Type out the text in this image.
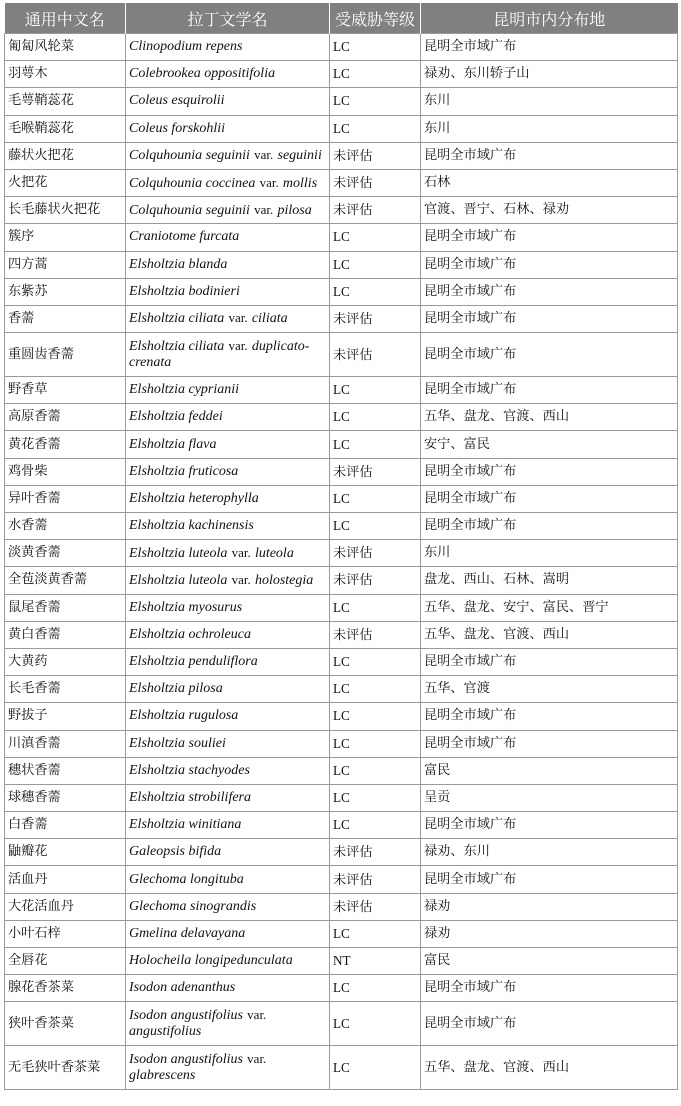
通用中文名	拉丁文学名	受威胁等级	昆明市内分布地
匍匐风轮菜	Clinopodium repens	LC	昆明全市域广布
羽萼木	Colebrookea oppositifolia	LC	禄劝、东川轿子山
毛萼鞘蕊花	Coleus esquirolii	LC	东川
毛喉鞘蕊花	Coleus forskohlii	LC	东川
藤状火把花	Colquhounia seguinii var. seguinii	未评估	昆明全市域广布
火把花	Colquhounia coccinea var. mollis	未评估	石林
长毛藤状火把花	Colquhounia seguinii var. pilosa	未评估	官渡、晋宁、石林、禄劝
簇序	Craniotome furcata	LC	昆明全市域广布
四方蒿	Elsholtzia blanda	LC	昆明全市域广布
东紫苏	Elsholtzia bodinieri	LC	昆明全市域广布
香薷	Elsholtzia ciliata var. ciliata	未评估	昆明全市域广布
重圆齿香薷	Elsholtzia ciliata var. duplicato-crenata	未评估	昆明全市域广布
野香草	Elsholtzia cyprianii	LC	昆明全市域广布
高原香薷	Elsholtzia feddei	LC	五华、盘龙、官渡、西山
黄花香薷	Elsholtzia flava	LC	安宁、富民
鸡骨柴	Elsholtzia fruticosa	未评估	昆明全市域广布
异叶香薷	Elsholtzia heterophylla	LC	昆明全市域广布
水香薷	Elsholtzia kachinensis	LC	昆明全市域广布
淡黄香薷	Elsholtzia luteola var. luteola	未评估	东川
全苞淡黄香薷	Elsholtzia luteola var. holostegia	未评估	盘龙、西山、石林、嵩明
鼠尾香薷	Elsholtzia myosurus	LC	五华、盘龙、安宁、富民、晋宁
黄白香薷	Elsholtzia ochroleuca	未评估	五华、盘龙、官渡、西山
大黄药	Elsholtzia penduliflora	LC	昆明全市域广布
长毛香薷	Elsholtzia pilosa	LC	五华、官渡
野拔子	Elsholtzia rugulosa	LC	昆明全市域广布
川滇香薷	Elsholtzia souliei	LC	昆明全市域广布
穗状香薷	Elsholtzia stachyodes	LC	富民
球穗香薷	Elsholtzia strobilifera	LC	呈贡
白香薷	Elsholtzia winitiana	LC	昆明全市域广布
鼬瓣花	Galeopsis bifida	未评估	禄劝、东川
活血丹	Glechoma longituba	未评估	昆明全市域广布
大花活血丹	Glechoma sinograndis	未评估	禄劝
小叶石梓	Gmelina delavayana	LC	禄劝
全唇花	Holocheila longipedunculata	NT	富民
腺花香茶菜	Isodon adenanthus	LC	昆明全市域广布
狭叶香茶菜	Isodon angustifolius var. angustifolius	LC	昆明全市域广布
无毛狭叶香茶菜	Isodon angustifolius var. glabrescens	LC	五华、盘龙、官渡、西山
